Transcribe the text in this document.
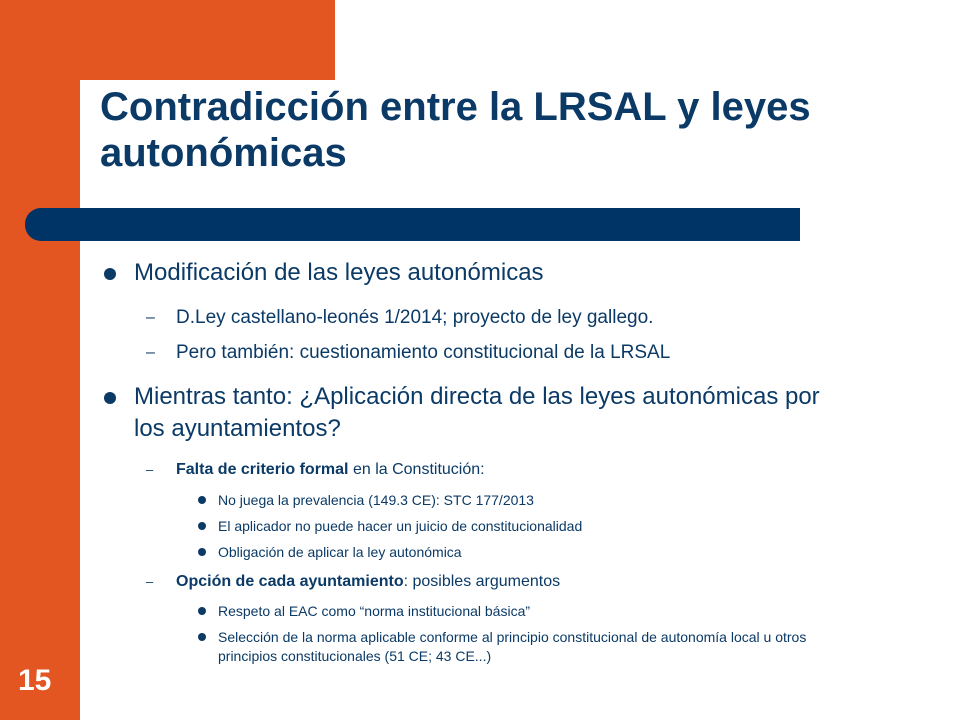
15
Contradicción entre la LRSAL y leyes autonómicas
Modificación de las leyes autonómicas
– D.Ley castellano-leonés 1/2014; proyecto de ley gallego.
– Pero también: cuestionamiento constitucional de la LRSAL
Mientras tanto: ¿Aplicación directa de las leyes autonómicas por los ayuntamientos?
– Falta de criterio formal en la Constitución:
No juega la prevalencia (149.3 CE): STC 177/2013
El aplicador no puede hacer un juicio de constitucionalidad
Obligación de aplicar la ley autonómica
– Opción de cada ayuntamiento: posibles argumentos
Respeto al EAC como “norma institucional básica”
Selección de la norma aplicable conforme al principio constitucional de autonomía local u otros principios constitucionales (51 CE; 43 CE...)
